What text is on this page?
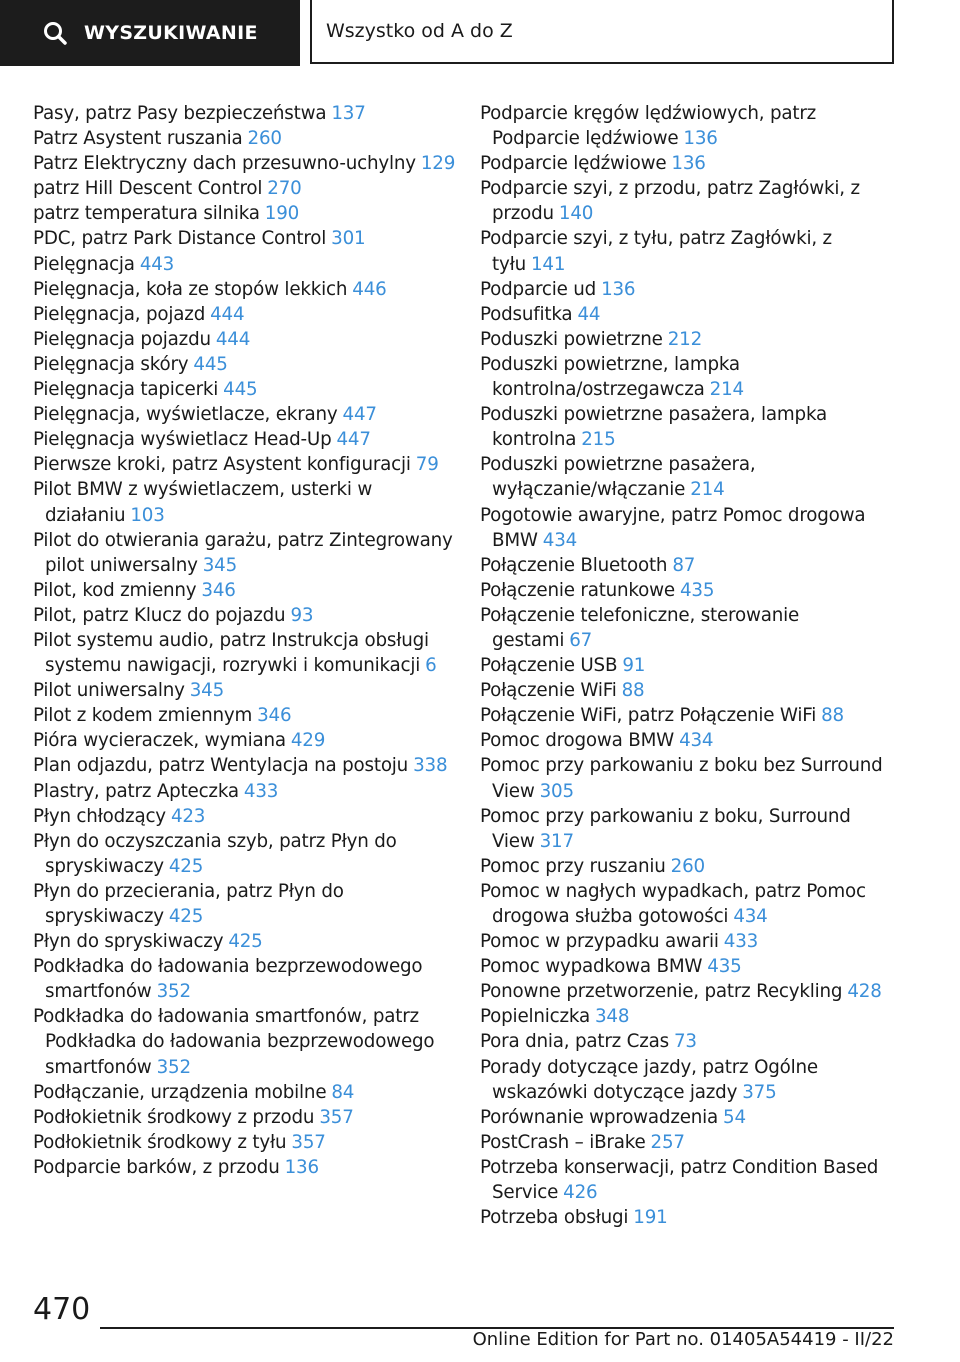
WYSZUKIWANIE	Wszystko od A do Z
Pasy, patrz Pasy bezpieczeństwa 137
Patrz Asystent ruszania 260
Patrz Elektryczny dach przesuwno-uchylny 129
patrz Hill Descent Control 270
patrz temperatura silnika 190
PDC, patrz Park Distance Control 301
Pielęgnacja 443
Pielęgnacja, koła ze stopów lekkich 446
Pielęgnacja, pojazd 444
Pielęgnacja pojazdu 444
Pielęgnacja skóry 445
Pielęgnacja tapicerki 445
Pielęgnacja, wyświetlacze, ekrany 447
Pielęgnacja wyświetlacz Head-Up 447
Pierwsze kroki, patrz Asystent konfiguracji 79
Pilot BMW z wyświetlaczem, usterki w działaniu 103
Pilot do otwierania garażu, patrz Zintegrowany pilot uniwersalny 345
Pilot, kod zmienny 346
Pilot, patrz Klucz do pojazdu 93
Pilot systemu audio, patrz Instrukcja obsługi systemu nawigacji, rozrywki i komunikacji 6
Pilot uniwersalny 345
Pilot z kodem zmiennym 346
Pióra wycieraczek, wymiana 429
Plan odjazdu, patrz Wentylacja na postoju 338
Plastry, patrz Apteczka 433
Płyn chłodzący 423
Płyn do oczyszczania szyb, patrz Płyn do spryskiwaczy 425
Płyn do przecierania, patrz Płyn do spryskiwaczy 425
Płyn do spryskiwaczy 425
Podkładka do ładowania bezprzewodowego smartfonów 352
Podkładka do ładowania smartfonów, patrz Podkładka do ładowania bezprzewodowego smartfonów 352
Podłączanie, urządzenia mobilne 84
Podłokietnik środkowy z przodu 357
Podłokietnik środkowy z tyłu 357
Podparcie barków, z przodu 136
Podparcie kręgów lędźwiowych, patrz Podparcie lędźwiowe 136
Podparcie lędźwiowe 136
Podparcie szyi, z przodu, patrz Zagłówki, z przodu 140
Podparcie szyi, z tyłu, patrz Zagłówki, z tyłu 141
Podparcie ud 136
Podsufitka 44
Poduszki powietrzne 212
Poduszki powietrzne, lampka kontrolna/ostrzegawcza 214
Poduszki powietrzne pasażera, lampka kontrolna 215
Poduszki powietrzne pasażera, wyłączanie/włączanie 214
Pogotowie awaryjne, patrz Pomoc drogowa BMW 434
Połączenie Bluetooth 87
Połączenie ratunkowe 435
Połączenie telefoniczne, sterowanie gestami 67
Połączenie USB 91
Połączenie WiFi 88
Połączenie WiFi, patrz Połączenie WiFi 88
Pomoc drogowa BMW 434
Pomoc przy parkowaniu z boku bez Surround View 305
Pomoc przy parkowaniu z boku, Surround View 317
Pomoc przy ruszaniu 260
Pomoc w nagłych wypadkach, patrz Pomoc drogowa służba gotowości 434
Pomoc w przypadku awarii 433
Pomoc wypadkowa BMW 435
Ponowne przetworzenie, patrz Recykling 428
Popielniczka 348
Pora dnia, patrz Czas 73
Porady dotyczące jazdy, patrz Ogólne wskazówki dotyczące jazdy 375
Porównanie wprowadzenia 54
PostCrash – iBrake 257
Potrzeba konserwacji, patrz Condition Based Service 426
Potrzeba obsługi 191
470
Online Edition for Part no. 01405A54419 - II/22
